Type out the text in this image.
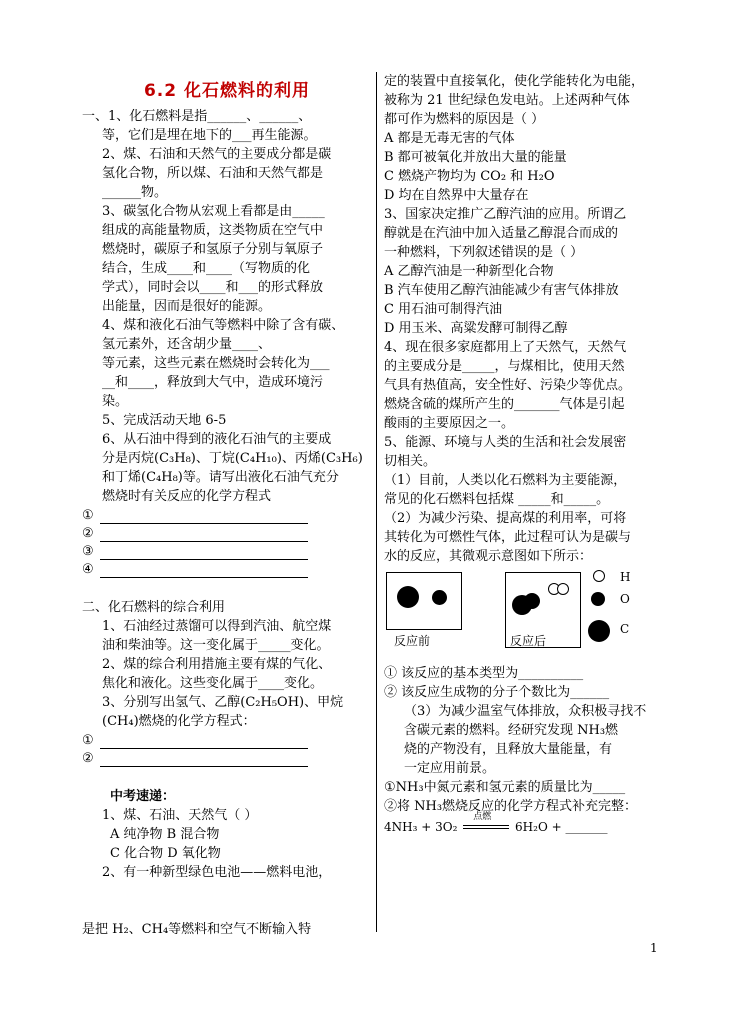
6.2 化石燃料的利用
一、1、化石燃料是指______、______、
等，它们是埋在地下的___再生能源。
2、煤、石油和天然气的主要成分都是碳
氢化合物，所以煤、石油和天然气都是
______物。
3、碳氢化合物从宏观上看都是由_____
组成的高能量物质，这类物质在空气中
燃烧时，碳原子和氢原子分别与氧原子
结合，生成____和____（写物质的化
学式），同时会以____和___的形式释放
出能量，因而是很好的能源。
4、煤和液化石油气等燃料中除了含有碳、
氢元素外，还含胡少量____、
等元素，这些元素在燃烧时会转化为___
__和____，释放到大气中，造成环境污
染。
5、完成活动天地 6-5
6、从石油中得到的液化石油气的主要成
分是丙烷(C₃H₈)、丁烷(C₄H₁₀)、丙烯(C₃H₆)
和丁烯(C₄H₈)等。请写出液化石油气充分
燃烧时有关反应的化学方程式
①
②
③
④
二、化石燃料的综合利用
1、石油经过蒸馏可以得到汽油、航空煤
油和柴油等。这一变化属于_____变化。
2、煤的综合利用措施主要有煤的气化、
焦化和液化。这些变化属于____变化。
3、分别写出氢气、乙醇(C₂H₅OH)、甲烷
(CH₄)燃烧的化学方程式：
①
②
中考速递：
1、煤、石油、天然气（ ）
A 纯净物 B 混合物
C 化合物 D 氧化物
2、有一种新型绿色电池——燃料电池，
是把 H₂、CH₄等燃料和空气不断输入特
定的装置中直接氧化，使化学能转化为电能，
被称为 21 世纪绿色发电站。上述两种气体
都可作为燃料的原因是（ ）
A 都是无毒无害的气体
B 都可被氧化并放出大量的能量
C 燃烧产物均为 CO₂ 和 H₂O
D 均在自然界中大量存在
3、国家决定推广乙醇汽油的应用。所谓乙
醇就是在汽油中加入适量乙醇混合而成的
一种燃料，下列叙述错误的是（ ）
A 乙醇汽油是一种新型化合物
B 汽车使用乙醇汽油能减少有害气体排放
C 用石油可制得汽油
D 用玉米、高粱发酵可制得乙醇
4、现在很多家庭都用上了天然气，天然气
的主要成分是_____，与煤相比，使用天然
气具有热值高，安全性好、污染少等优点。
燃烧含硫的煤所产生的_______气体是引起
酸雨的主要原因之一。
5、能源、环境与人类的生活和社会发展密
切相关。
（1）目前，人类以化石燃料为主要能源，
常见的化石燃料包括煤 _____和_____。
（2）为减少污染、提高煤的利用率，可将
其转化为可燃性气体，此过程可认为是碳与
水的反应，其微观示意图如下所示：
H
O
C
反应前	反应后
① 该反应的基本类型为__________
② 该反应生成物的分子个数比为______
（3）为减少温室气体排放，众积极寻找不
含碳元素的燃料。经研究发现 NH₃燃
烧的产物没有，且释放大量能量，有
一定应用前景。
①NH₃中氮元素和氢元素的质量比为_____
②将 NH₃燃烧反应的化学方程式补充完整：
4NH₃ + 3O₂
点燃
6H₂O + _______
1
